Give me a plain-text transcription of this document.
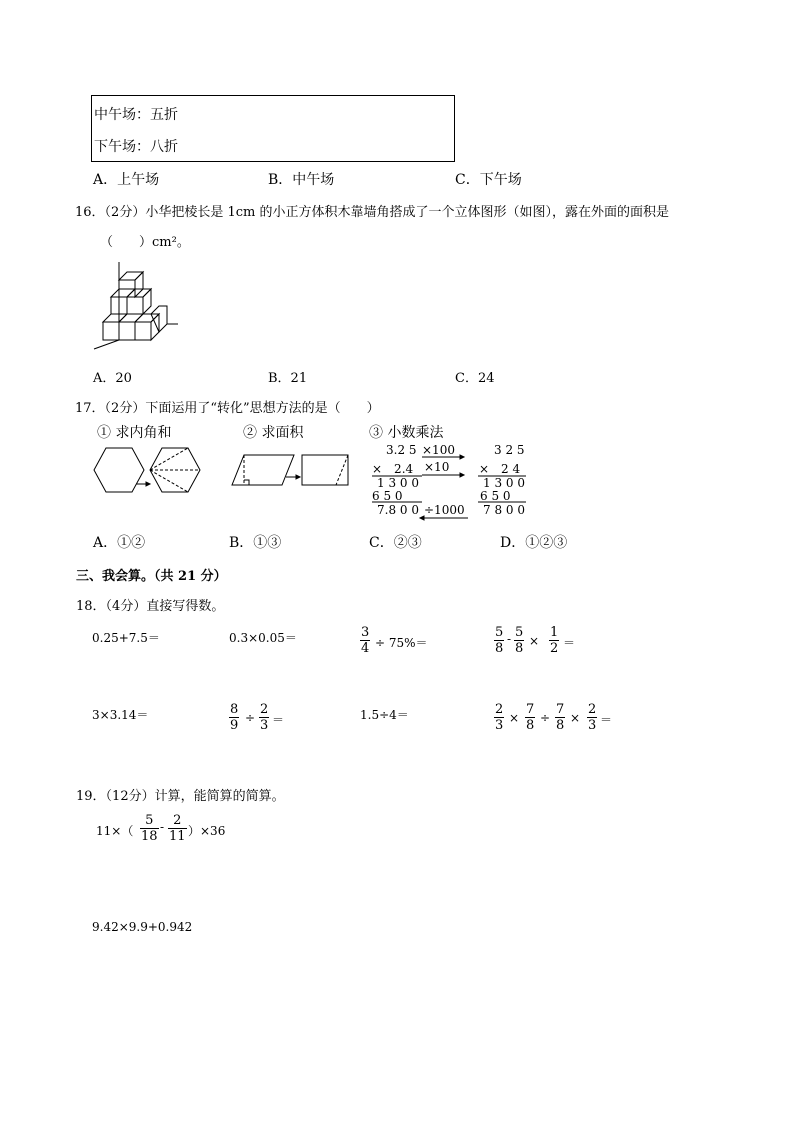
中午场：五折
下午场：八折
A．上午场	B．中午场	C．下午场
16．（2分）小华把棱长是 1cm 的小正方体积木靠墙角搭成了一个立体图形（如图），露在外面的面积是
（　　）cm²。
A．20	B．21	C．24
17．（2分）下面运用了“转化”思想方法的是（　　）
① 求内角和	② 求面积	③ 小数乘法
3.2 5
×　2.4
1 3 0 0
6 5 0
7.8 0 0
×100
×10
÷1000
3 2 5
×　2 4
1 3 0 0
6 5 0
7 8 0 0
A．①②	B．①③	C．②③	D．①②③
三、我会算。（共 21 分）
18．（4分）直接写得数。
0.25+7.5＝	0.3×0.05＝	$\frac{3}{4} \div 75\%=$	$\frac{5}{8} - \frac{5}{8} \times \frac{1}{2}$ ＝
3×3.14＝	$\frac{8}{9} \div \frac{2}{3}$ ＝	1.5÷4＝	$\frac{2}{3} \times \frac{7}{8} \div \frac{7}{8} \times \frac{2}{3}$ ＝
19．（12分）计算，能简算的简算。
$11\times( \frac{5}{18} - \frac{2}{11} )\times 36$
9.42×9.9+0.942
